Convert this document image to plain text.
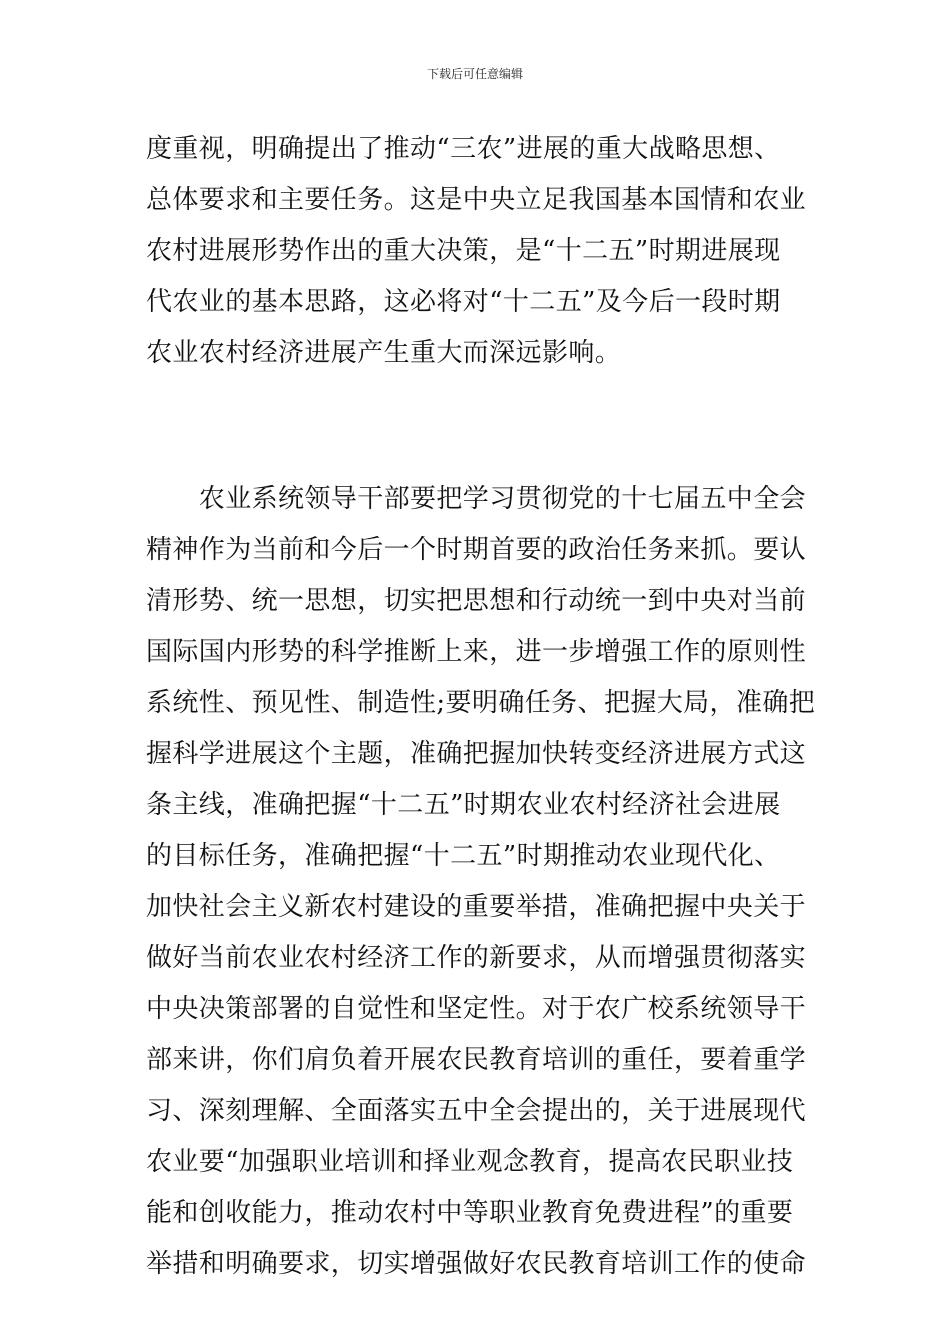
下载后可任意编辑
度重视，明确提出了推动“三农”进展的重大战略思想、
总体要求和主要任务。这是中央立足我国基本国情和农业
农村进展形势作出的重大决策，是“十二五”时期进展现
代农业的基本思路，这必将对“十二五”及今后一段时期
农业农村经济进展产生重大而深远影响。
　　农业系统领导干部要把学习贯彻党的十七届五中全会
精神作为当前和今后一个时期首要的政治任务来抓。要认
清形势、统一思想，切实把思想和行动统一到中央对当前
国际国内形势的科学推断上来，进一步增强工作的原则性
系统性、预见性、制造性;要明确任务、把握大局，准确把
握科学进展这个主题，准确把握加快转变经济进展方式这
条主线，准确把握“十二五”时期农业农村经济社会进展
的目标任务，准确把握“十二五”时期推动农业现代化、
加快社会主义新农村建设的重要举措，准确把握中央关于
做好当前农业农村经济工作的新要求，从而增强贯彻落实
中央决策部署的自觉性和坚定性。对于农广校系统领导干
部来讲，你们肩负着开展农民教育培训的重任，要着重学
习、深刻理解、全面落实五中全会提出的，关于进展现代
农业要“加强职业培训和择业观念教育，提高农民职业技
能和创收能力，推动农村中等职业教育免费进程”的重要
举措和明确要求，切实增强做好农民教育培训工作的使命
